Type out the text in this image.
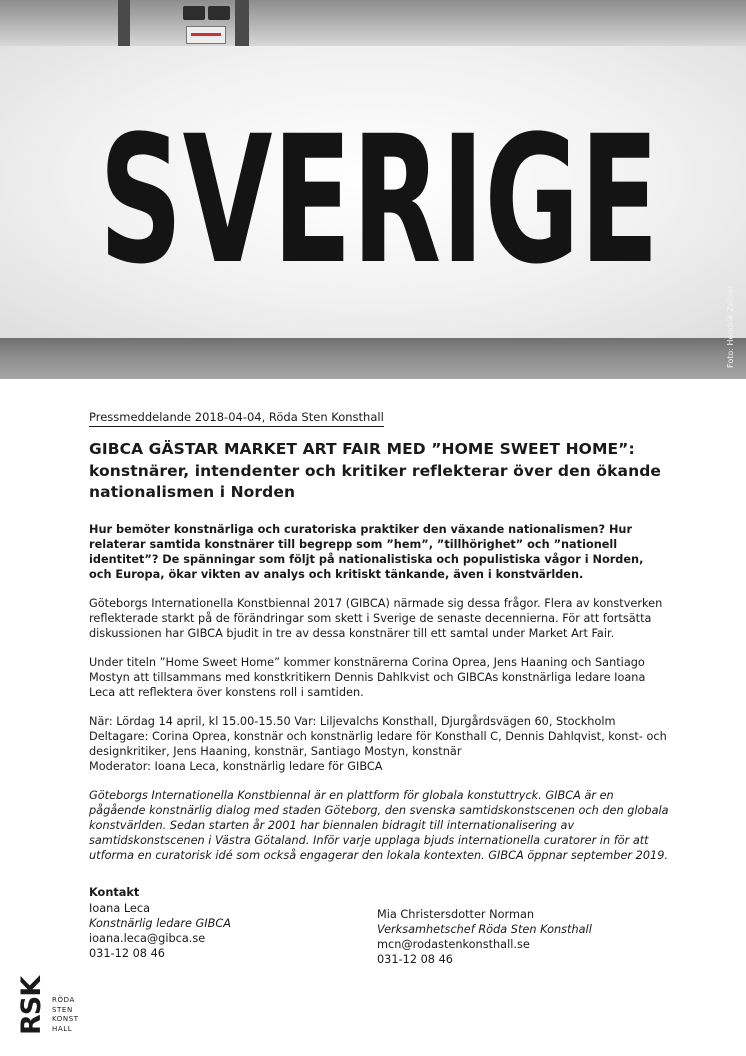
SVERIGE
Foto: Hendrik Zeitler
Pressmeddelande 2018-04-04, Röda Sten Konsthall
GIBCA GÄSTAR MARKET ART FAIR MED ”HOME SWEET HOME”:
konstnärer, intendenter och kritiker reflekterar över den ökande
nationalismen i Norden

Hur bemöter konstnärliga och curatoriska praktiker den växande nationalismen? Hur relaterar samtida konstnärer till begrepp som ”hem”, ”tillhörighet” och ”nationell identitet”? De spänningar som följt på nationalistiska och populistiska vågor i Norden, och Europa, ökar vikten av analys och kritiskt tänkande, även i konstvärlden.

Göteborgs Internationella Konstbiennal 2017 (GIBCA) närmade sig dessa frågor. Flera av konstverken reflekterade starkt på de förändringar som skett i Sverige de senaste decennierna. För att fortsätta diskussionen har GIBCA bjudit in tre av dessa konstnärer till ett samtal under Market Art Fair.

Under titeln ”Home Sweet Home” kommer konstnärerna Corina Oprea, Jens Haaning och Santiago Mostyn att tillsammans med konstkritikern Dennis Dahlkvist och GIBCAs konstnärliga ledare Ioana Leca att reflektera över konstens roll i samtiden.

När: Lördag 14 april, kl 15.00-15.50 Var: Liljevalchs Konsthall, Djurgårdsvägen 60, Stockholm
Deltagare: Corina Oprea, konstnär och konstnärlig ledare för Konsthall C, Dennis Dahlqvist, konst- och designkritiker, Jens Haaning, konstnär, Santiago Mostyn, konstnär
Moderator: Ioana Leca, konstnärlig ledare för GIBCA

Göteborgs Internationella Konstbiennal är en plattform för globala konstuttryck. GIBCA är en pågående konstnärlig dialog med staden Göteborg, den svenska samtidskonstscenen och den globala konstvärlden. Sedan starten år 2001 har biennalen bidragit till internationalisering av samtidskonstscenen i Västra Götaland. Inför varje upplaga bjuds internationella curatorer in för att utforma en curatorisk idé som också engagerar den lokala kontexten. GIBCA öppnar september 2019.

Kontakt
Ioana Leca
Konstnärlig ledare GIBCA
ioana.leca@gibca.se
031-12 08 46
Mia Christersdotter Norman
Verksamhetschef Röda Sten Konsthall
mcn@rodastenkonsthall.se
031-12 08 46
RSK RÖDA
STEN
KONST
HALL
